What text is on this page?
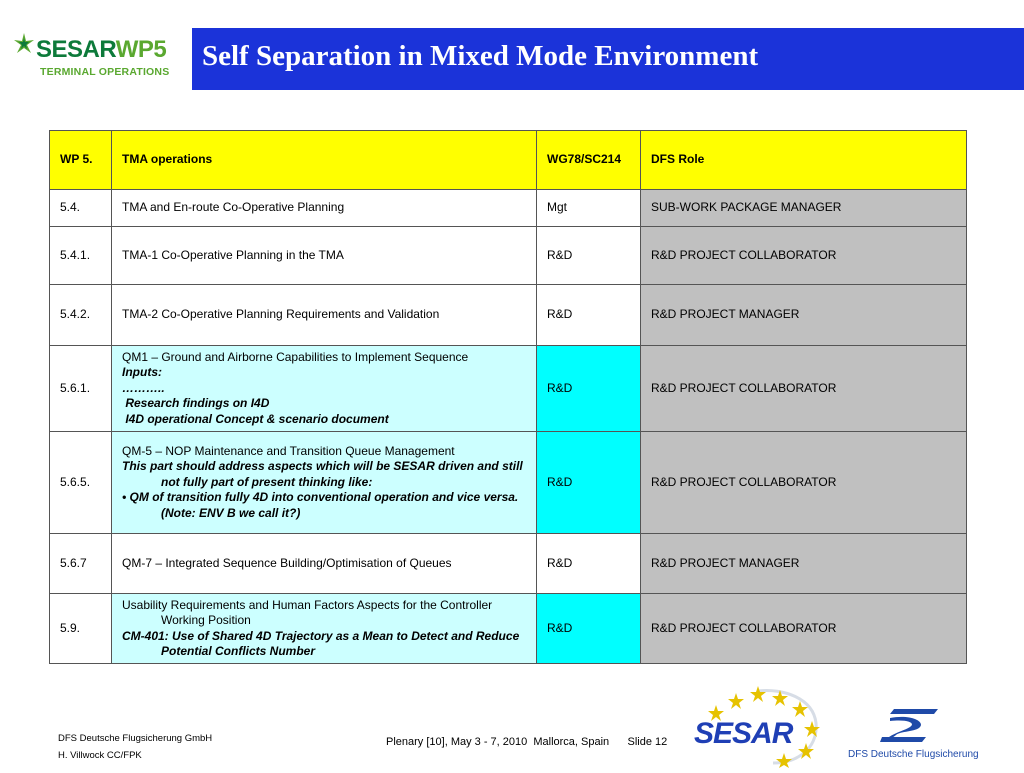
SESARWP5
TERMINAL OPERATIONS Self Separation in Mixed Mode Environment
WP 5.	TMA operations	WG78/SC214	DFS Role
5.4.	TMA and En-route Co-Operative Planning	Mgt	SUB-WORK PACKAGE MANAGER
5.4.1.	TMA-1 Co-Operative Planning in the TMA	R&D	R&D PROJECT COLLABORATOR
5.4.2.	TMA-2 Co-Operative Planning Requirements and Validation	R&D	R&D PROJECT MANAGER
5.6.1.	QM1 – Ground and Airborne Capabilities to Implement Sequence
Inputs:
………..
Research findings on I4D
I4D operational Concept & scenario document	R&D	R&D PROJECT COLLABORATOR
5.6.5.	QM-5 – NOP Maintenance and Transition Queue Management
This part should address aspects which will be SESAR driven and still not fully part of present thinking like:
• QM of transition fully 4D into conventional operation and vice versa. (Note: ENV B we call it?)	R&D	R&D PROJECT COLLABORATOR
5.6.7	QM-7 – Integrated Sequence Building/Optimisation of Queues	R&D	R&D PROJECT MANAGER
5.9.	Usability Requirements and Human Factors Aspects for the Controller Working Position
CM-401: Use of Shared 4D Trajectory as a Mean to Detect and Reduce Potential Conflicts Number	R&D	R&D PROJECT COLLABORATOR
DFS Deutsche Flugsicherung GmbH
H. Villwock CC/FPK
Plenary [10], May 3 - 7, 2010  Mallorca, Spain Slide 12 SESAR
DFS Deutsche Flugsicherung
